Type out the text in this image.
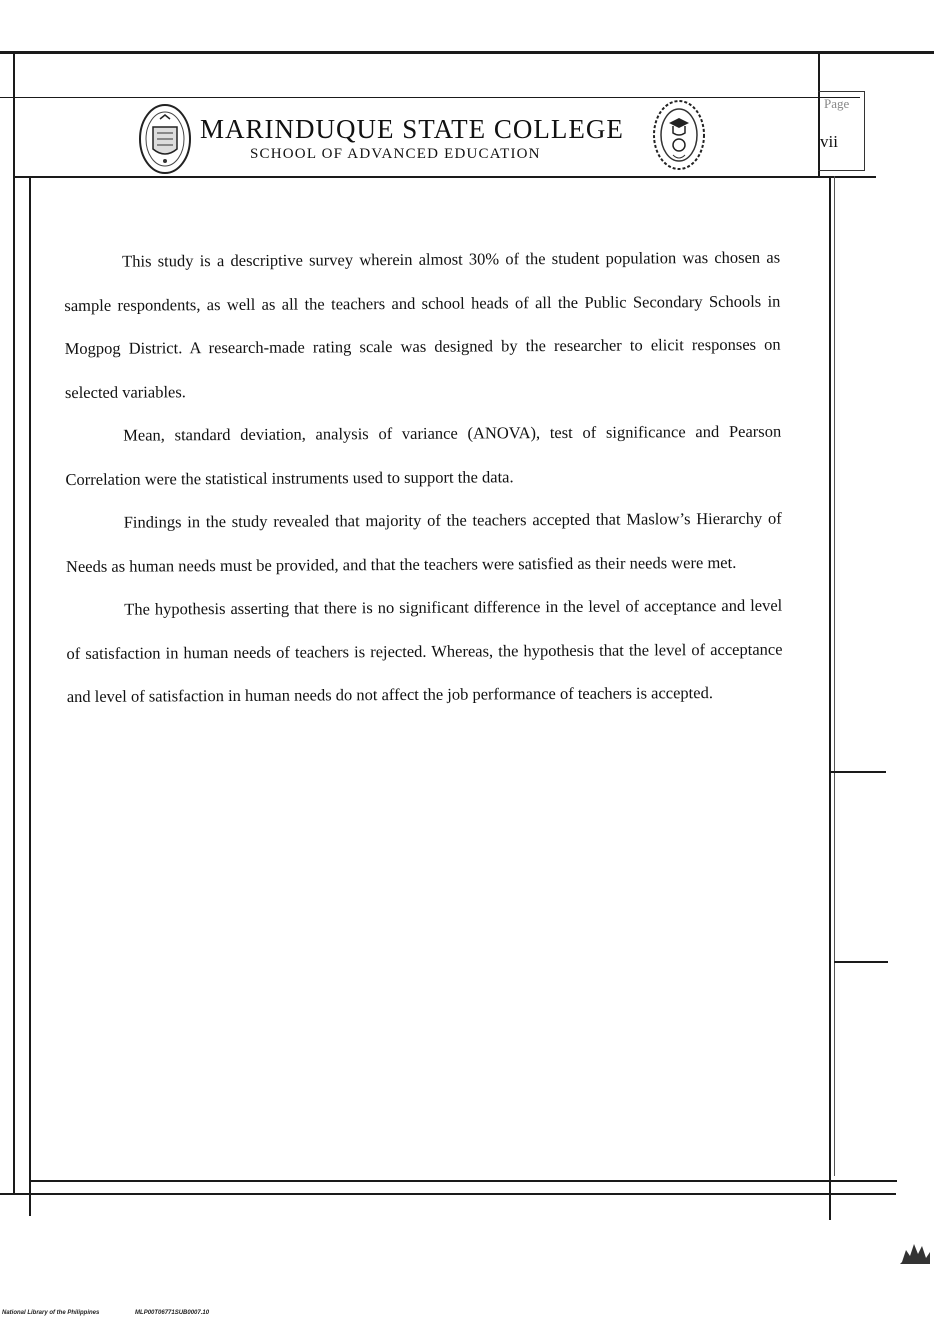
MARINDUQUE STATE COLLEGE
SCHOOL OF ADVANCED EDUCATION
Page
vii

This study is a descriptive survey wherein almost 30% of the student population was chosen as sample respondents, as well as all the teachers and school heads of all the Public Secondary Schools in Mogpog District. A research-made rating scale was designed by the researcher to elicit responses on selected variables.

Mean, standard deviation, analysis of variance (ANOVA), test of significance and Pearson Correlation were the statistical instruments used to support the data.

Findings in the study revealed that majority of the teachers accepted that Maslow’s Hierarchy of Needs as human needs must be provided, and that the teachers were satisfied as their needs were met.

The hypothesis asserting that there is no significant difference in the level of acceptance and level of satisfaction in human needs of teachers is rejected. Whereas, the hypothesis that the level of acceptance and level of satisfaction in human needs do not affect the job performance of teachers is accepted.

National Library of the Philippines	MLP00T06771SUB0007.10
